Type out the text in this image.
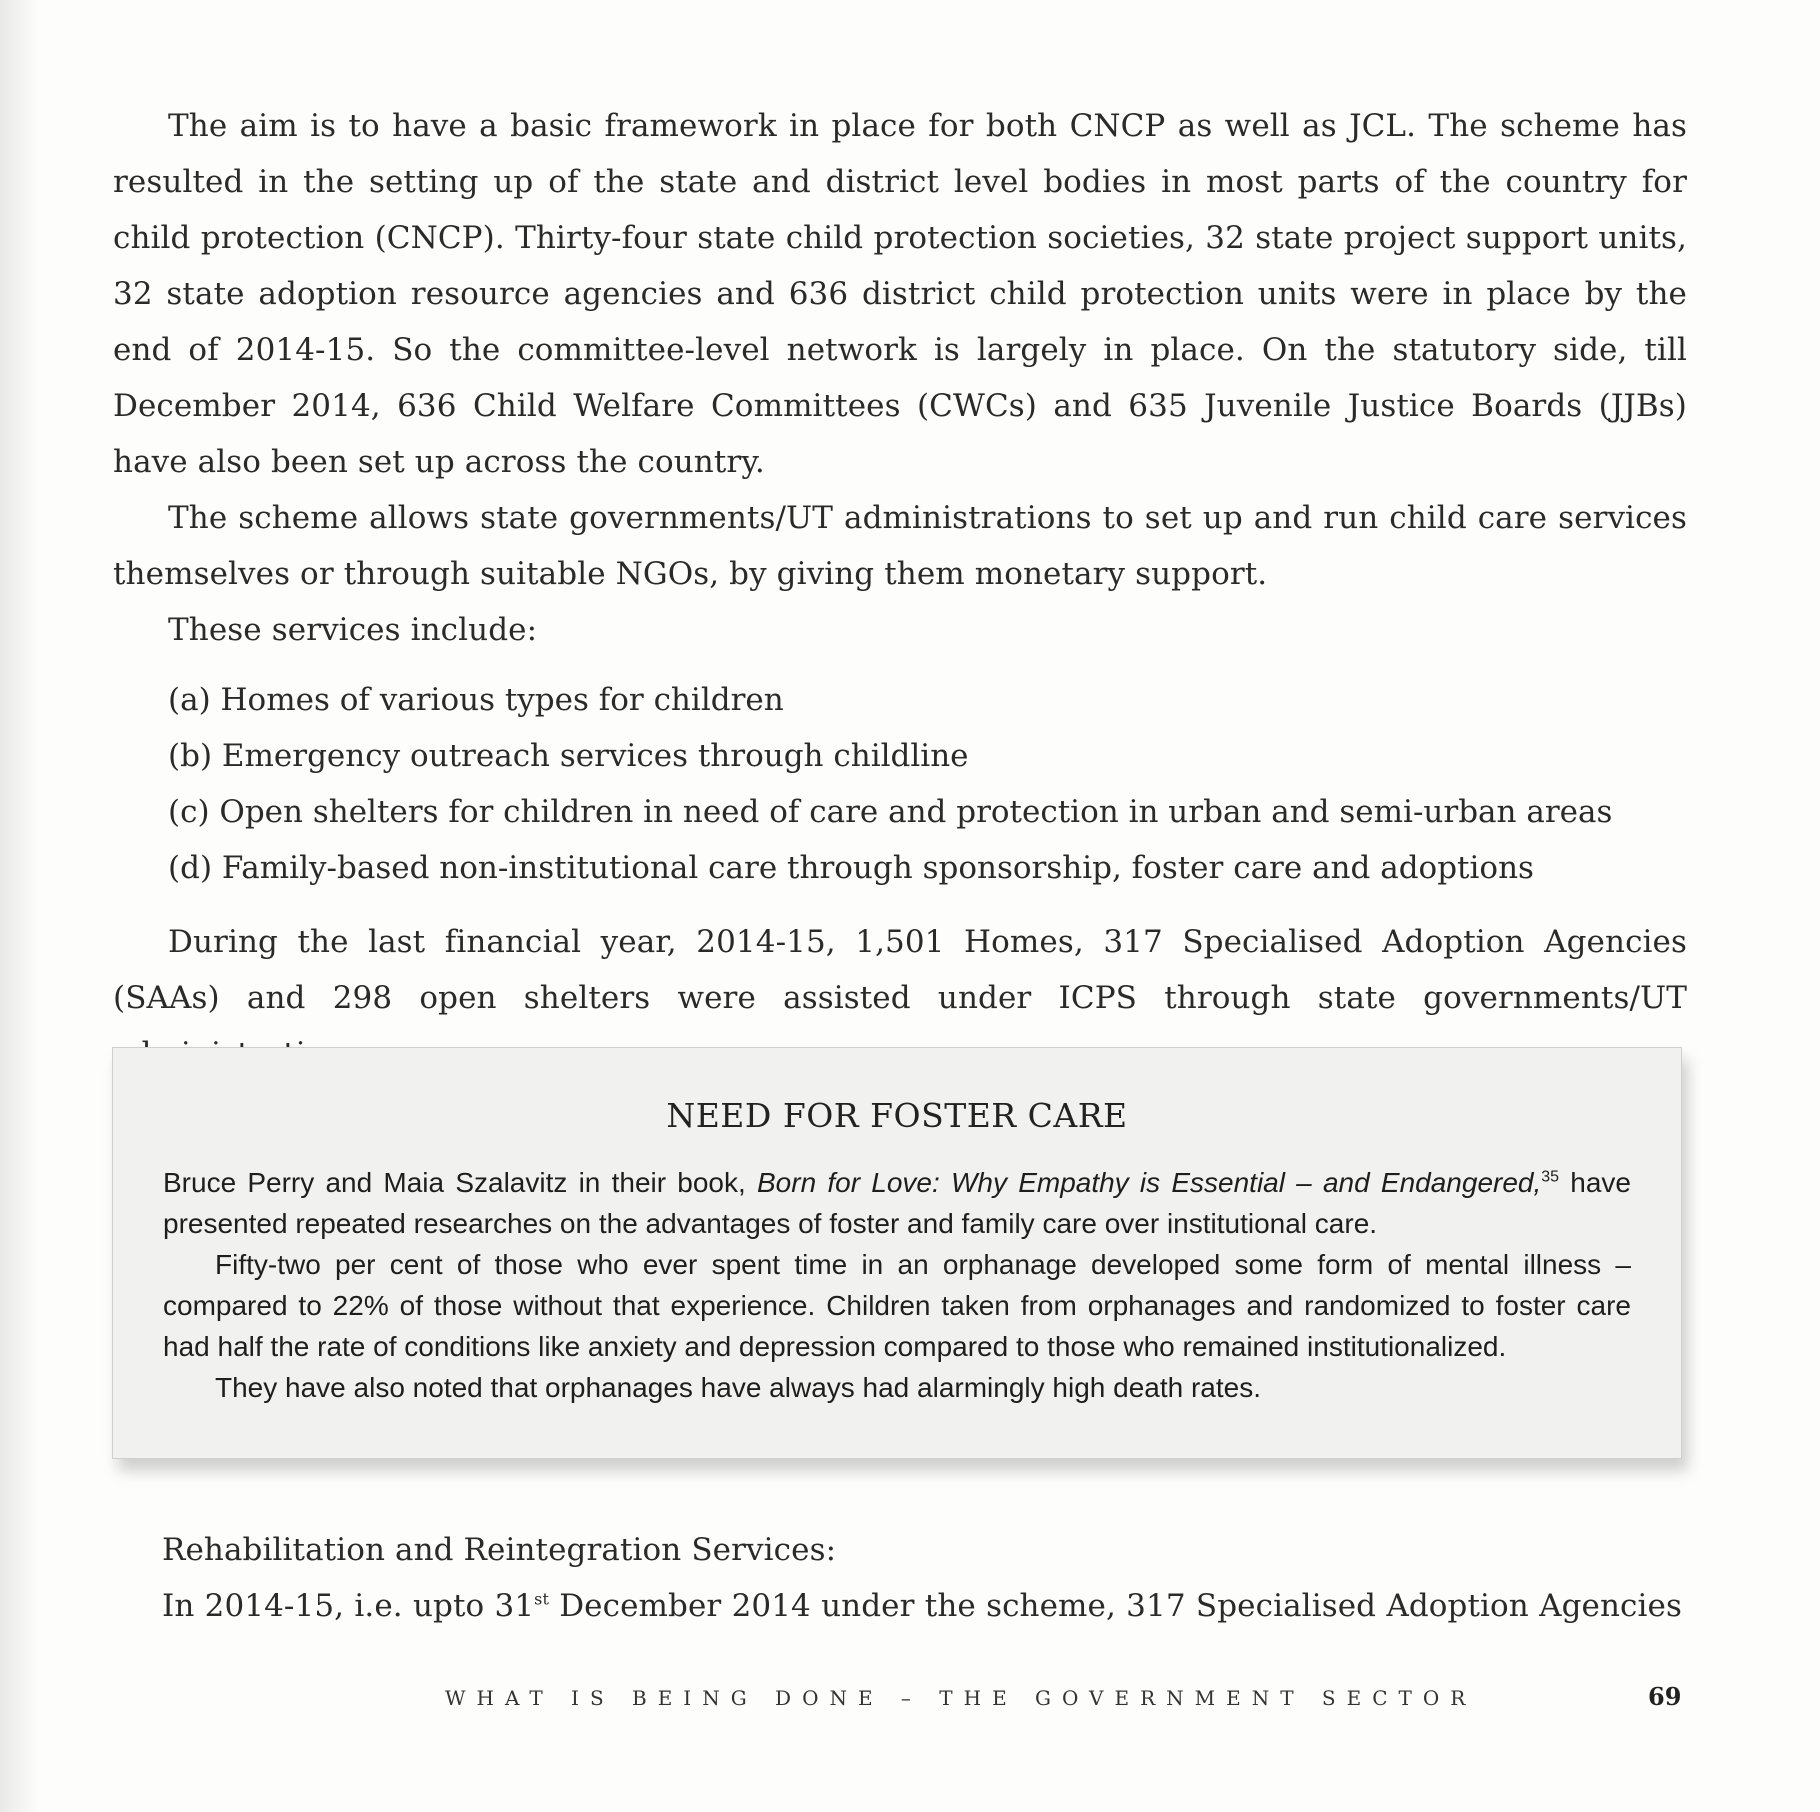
The aim is to have a basic framework in place for both CNCP as well as JCL. The scheme has resulted in the setting up of the state and district level bodies in most parts of the country for child protection (CNCP). Thirty-four state child protection societies, 32 state project support units, 32 state adoption resource agencies and 636 district child protection units were in place by the end of 2014-15. So the committee-level network is largely in place. On the statutory side, till December 2014, 636 Child Welfare Committees (CWCs) and 635 Juvenile Justice Boards (JJBs) have also been set up across the country.

The scheme allows state governments/UT administrations to set up and run child care services themselves or through suitable NGOs, by giving them monetary support.

These services include:

(a) Homes of various types for children
(b) Emergency outreach services through childline
(c) Open shelters for children in need of care and protection in urban and semi-urban areas
(d) Family-based non-institutional care through sponsorship, foster care and adoptions

During the last financial year, 2014-15, 1,501 Homes, 317 Specialised Adoption Agencies (SAAs) and 298 open shelters were assisted under ICPS through state governments/UT

NEED FOR FOSTER CARE

Bruce Perry and Maia Szalavitz in their book, Born for Love: Why Empathy is Essential – and Endangered,$^{35}$ have presented repeated researches on the advantages of foster and family care over institutional care.

Fifty-two per cent of those who ever spent time in an orphanage developed some form of mental illness – compared to 22% of those without that experience. Children taken from orphanages and randomized to foster care had half the rate of conditions like anxiety and depression compared to those who remained institutionalized.

They have also noted that orphanages have always had alarmingly high death rates.

Rehabilitation and Reintegration Services:

In 2014-15, i.e. upto 31st December 2014 under the scheme, 317 Specialised Adoption Agencies

WHAT IS BEING DONE – THE GOVERNMENT SECTOR	69
